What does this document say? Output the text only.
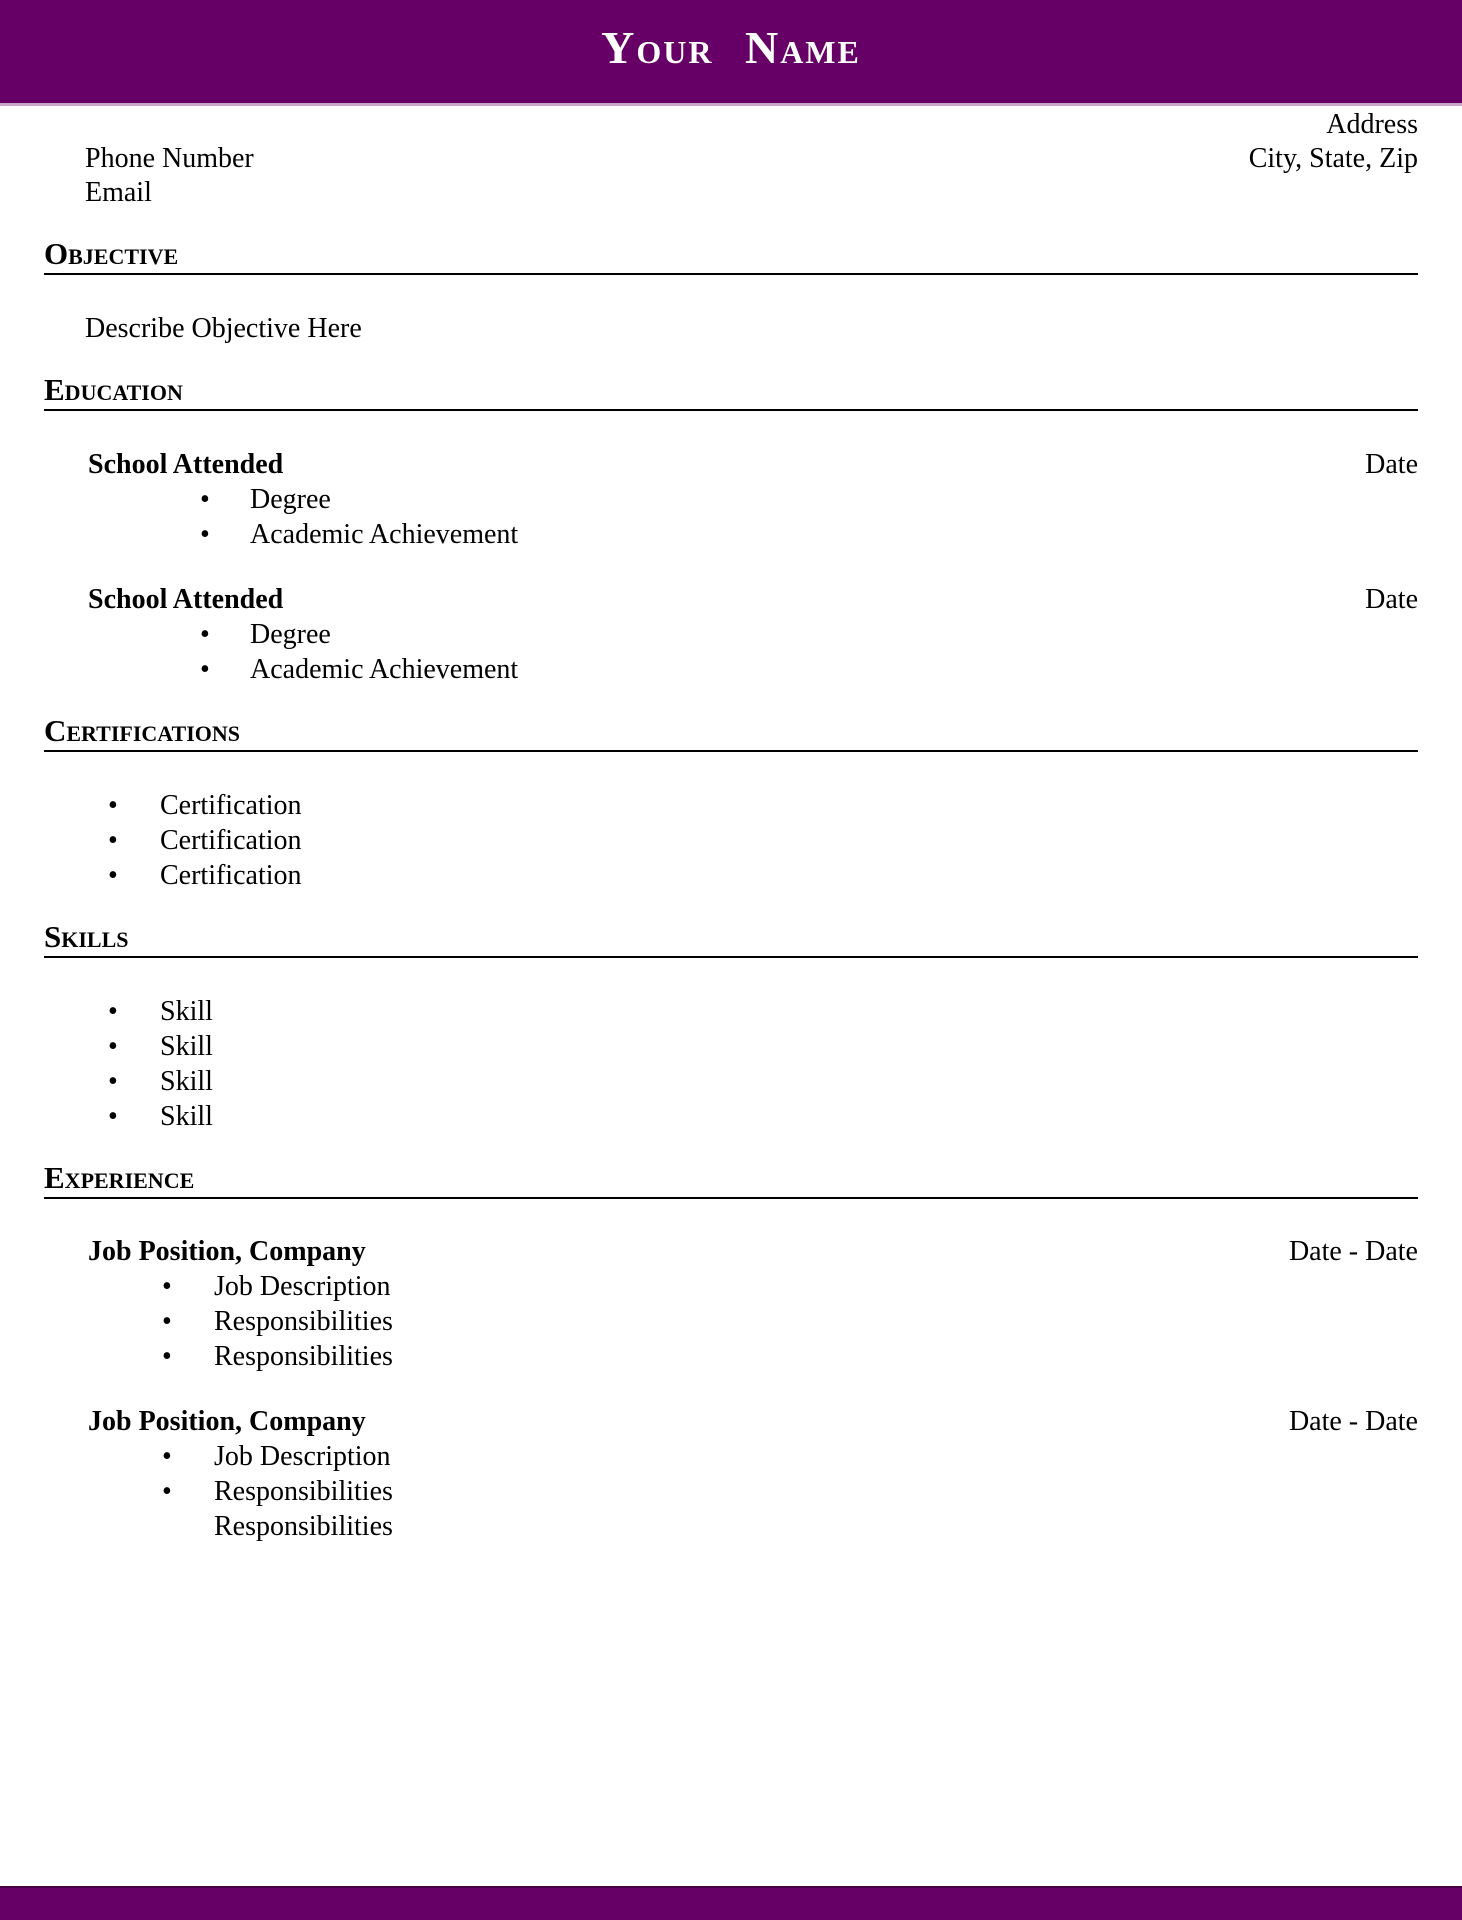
Your Name
Address
Phone Number	City, State, Zip
Email
Objective

Describe Objective Here

Education
School Attended	Date
• Degree
• Academic Achievement
School Attended	Date
• Degree
• Academic Achievement
Certifications
• Certification
• Certification
• Certification
Skills
• Skill
• Skill
• Skill
• Skill
Experience
Job Position, Company	Date - Date
• Job Description
• Responsibilities
• Responsibilities
Job Position, Company	Date - Date
• Job Description
• Responsibilities
Responsibilities
